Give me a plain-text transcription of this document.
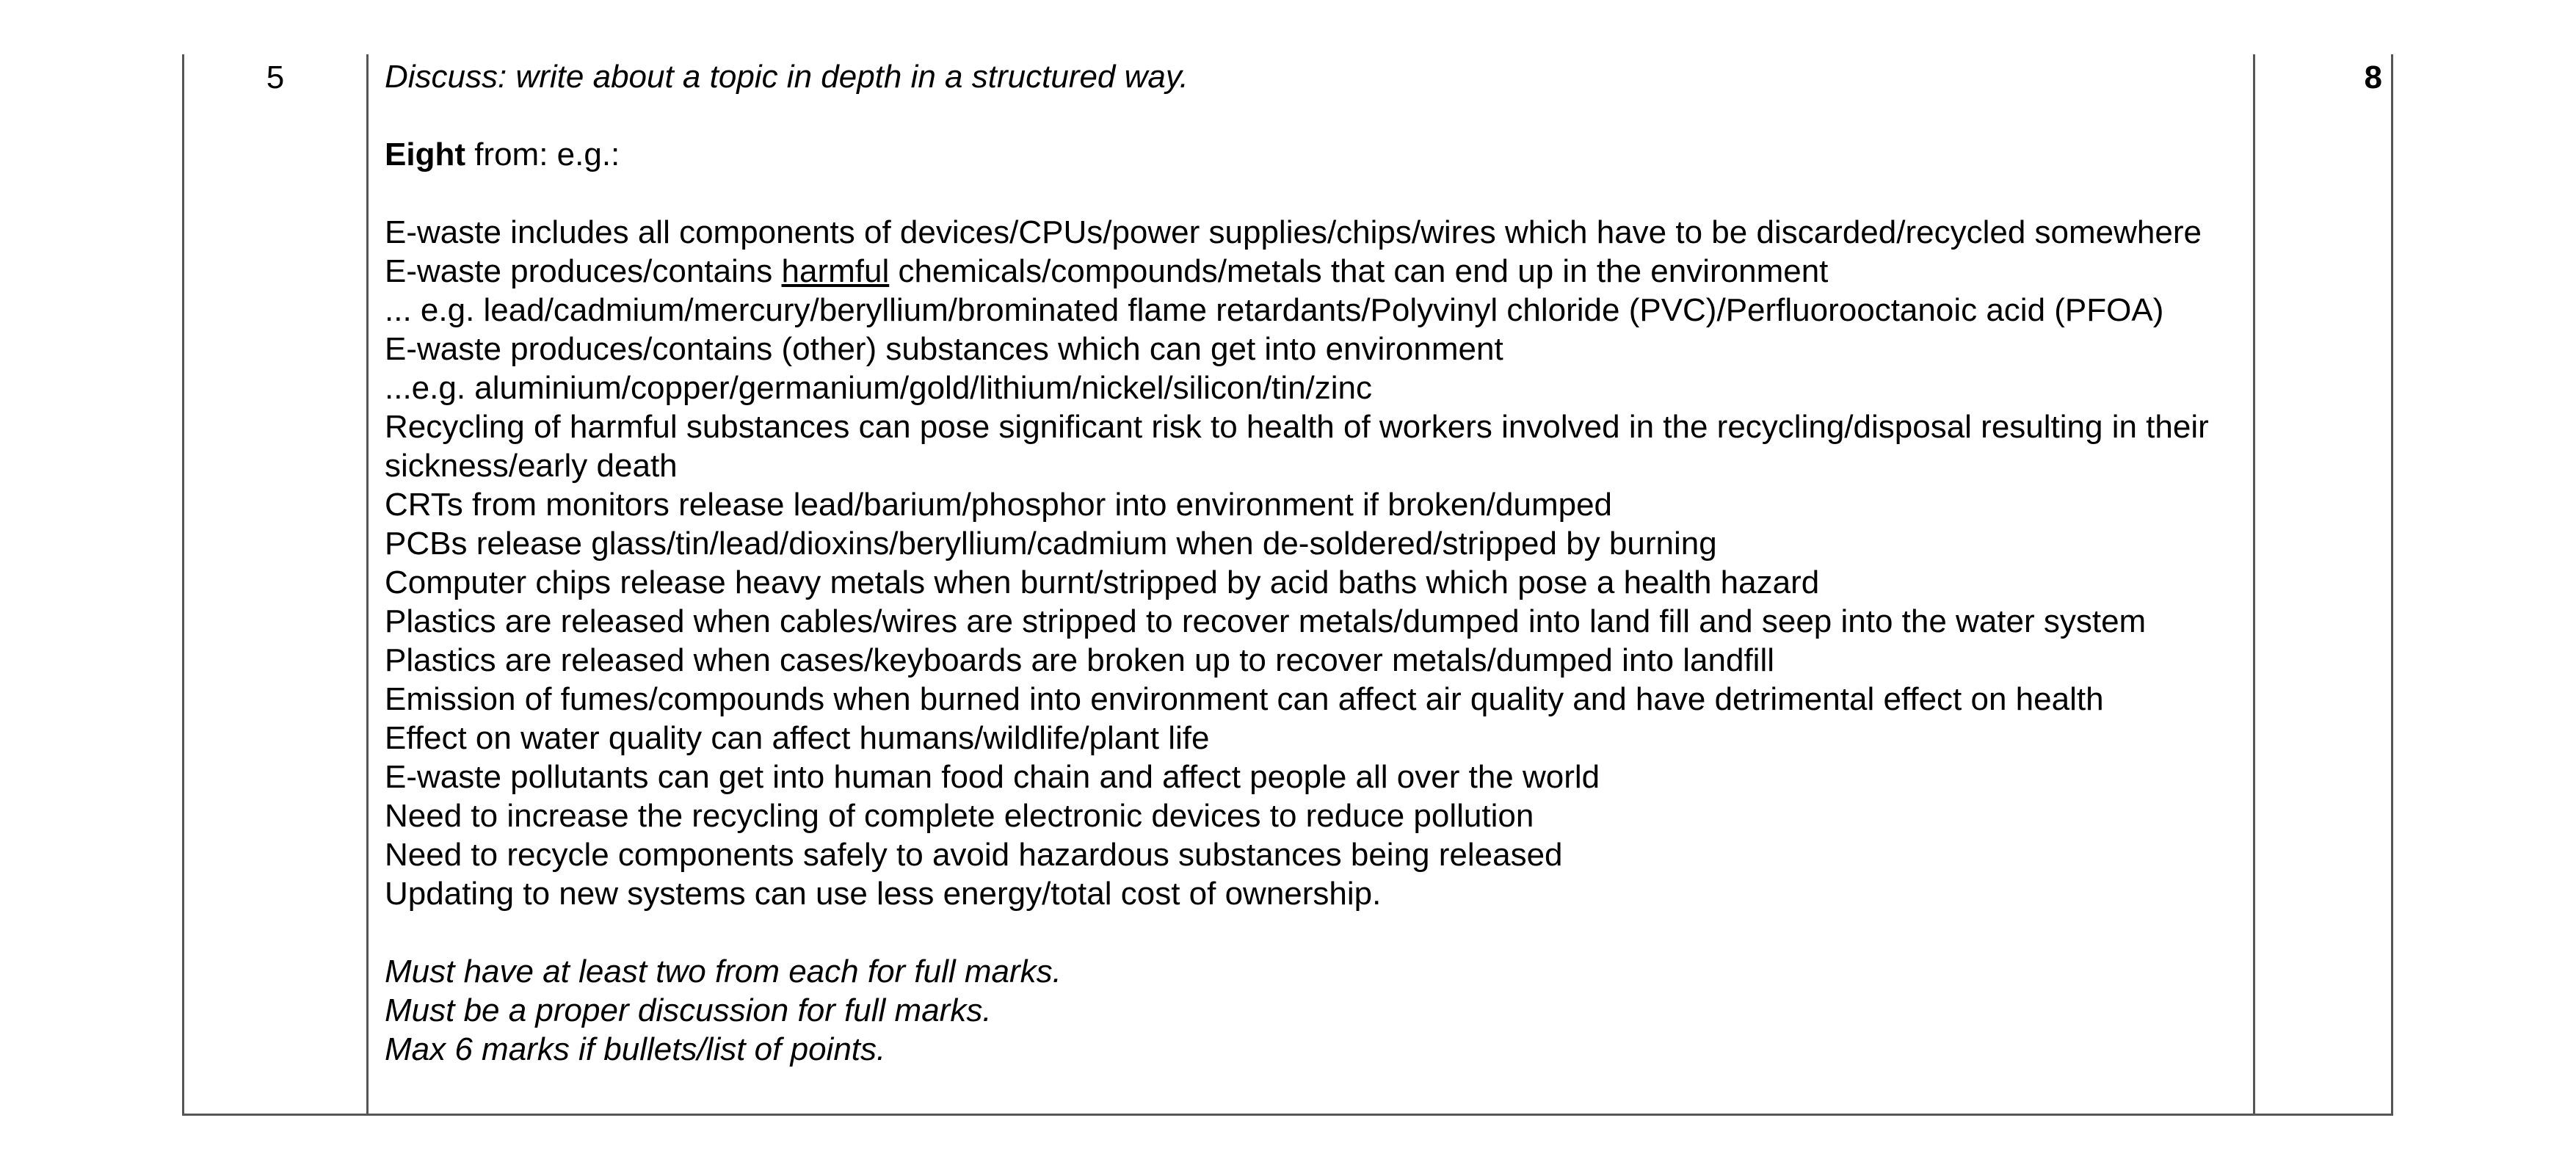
5	8
Discuss: write about a topic in depth in a structured way.
Eight from: e.g.:
E-waste includes all components of devices/CPUs/power supplies/chips/wires which have to be discarded/recycled somewhere
E-waste produces/contains harmful chemicals/compounds/metals that can end up in the environment
... e.g. lead/cadmium/mercury/beryllium/brominated flame retardants/Polyvinyl chloride (PVC)/Perfluorooctanoic acid (PFOA)
E-waste produces/contains (other) substances which can get into environment
...e.g. aluminium/copper/germanium/gold/lithium/nickel/silicon/tin/zinc
Recycling of harmful substances can pose significant risk to health of workers involved in the recycling/disposal resulting in their sickness/early death
CRTs from monitors release lead/barium/phosphor into environment if broken/dumped
PCBs release glass/tin/lead/dioxins/beryllium/cadmium when de-soldered/stripped by burning
Computer chips release heavy metals when burnt/stripped by acid baths which pose a health hazard
Plastics are released when cables/wires are stripped to recover metals/dumped into land fill and seep into the water system
Plastics are released when cases/keyboards are broken up to recover metals/dumped into landfill
Emission of fumes/compounds when burned into environment can affect air quality and have detrimental effect on health
Effect on water quality can affect humans/wildlife/plant life
E-waste pollutants can get into human food chain and affect people all over the world
Need to increase the recycling of complete electronic devices to reduce pollution
Need to recycle components safely to avoid hazardous substances being released
Updating to new systems can use less energy/total cost of ownership.
Must have at least two from each for full marks.
Must be a proper discussion for full marks.
Max 6 marks if bullets/list of points.
